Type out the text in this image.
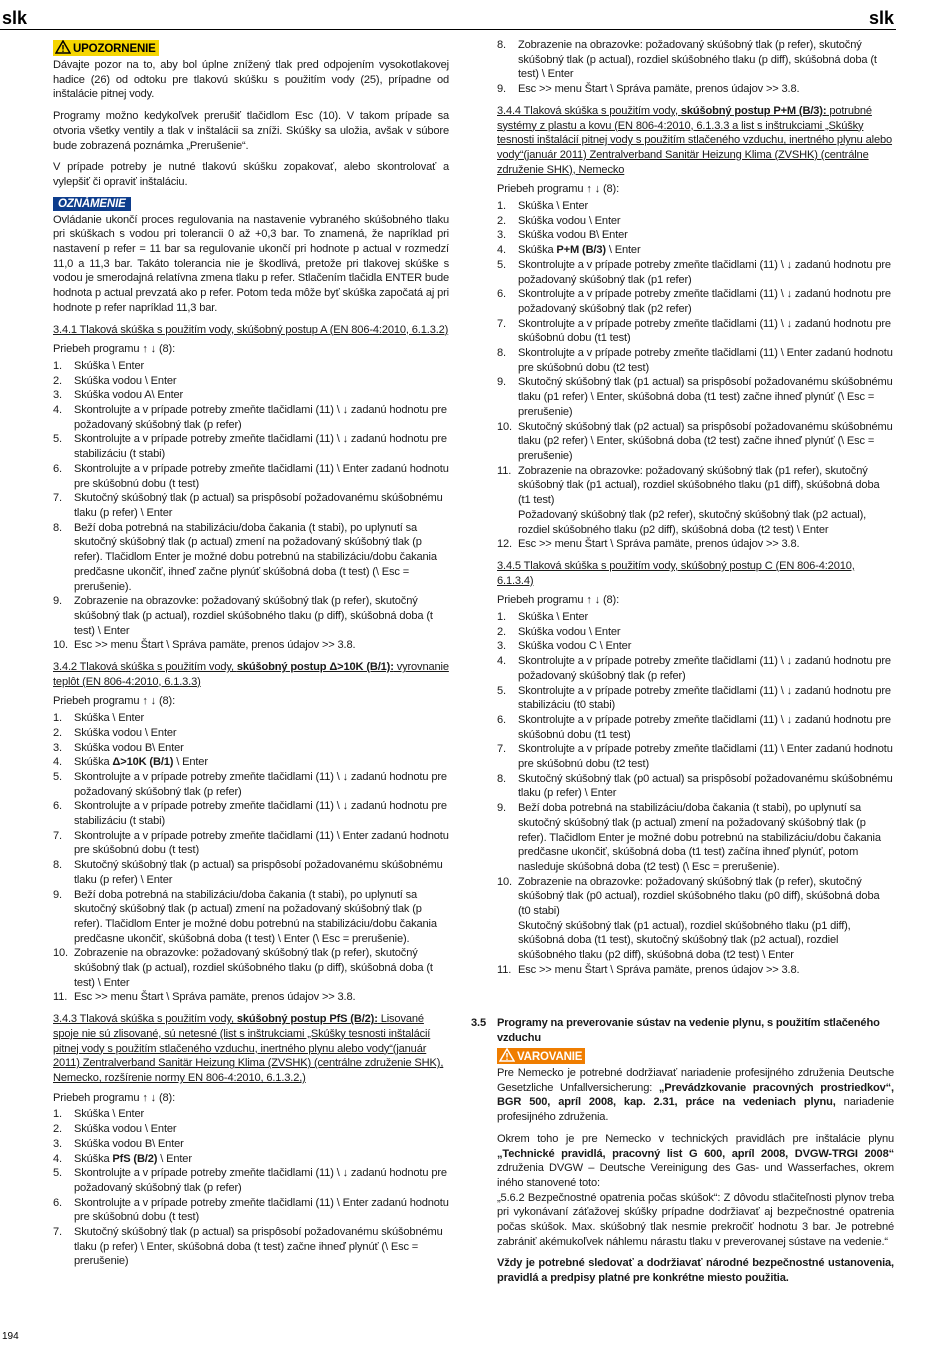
slk	slk
UPOZORNENIE

Dávajte pozor na to, aby bol úplne znížený tlak pred odpojením vysokotlakovej hadice (26) od odtoku pre tlakovú skúšku s použitím vody (25), prípadne od inštalácie pitnej vody.

Programy možno kedykoľvek prerušiť tlačidlom Esc (10). V takom prípade sa otvoria všetky ventily a tlak v inštalácii sa zníži. Skúšky sa uložia, avšak v súbore bude zobrazená poznámka „Prerušenie“.

V prípade potreby je nutné tlakovú skúšku zopakovať, alebo skontrolovať a vylepšiť či opraviť inštaláciu.

OZNÁMENIE

Ovládanie ukončí proces regulovania na nastavenie vybraného skúšobného tlaku pri skúškach s vodou pri tolerancii 0 až +0,3 bar. To znamená, že napríklad pri nastavení p refer = 11 bar sa regulovanie ukončí pri hodnote p actual v rozmedzí 11,0 a 11,3 bar. Takáto tolerancia nie je škodlivá, pretože pri tlakovej skúške s vodou je smerodajná relatívna zmena tlaku p refer. Stlačením tlačidla ENTER bude hodnota p actual prevzatá ako p refer. Potom teda môže byť skúška započatá aj pri hodnote p refer napríklad 11,3 bar.

3.4.1 Tlaková skúška s použitím vody, skúšobný postup A (EN 806-4:2010, 6.1.3.2)

Priebeh programu ↑ ↓ (8):

1. Skúška \ Enter
2. Skúška vodou \ Enter
3. Skúška vodou A\ Enter
4. Skontrolujte a v prípade potreby zmeňte tlačidlami (11) \ ↓ zadanú hodnotu pre požadovaný skúšobný tlak (p refer)
5. Skontrolujte a v prípade potreby zmeňte tlačidlami (11) \ ↓ zadanú hodnotu pre stabilizáciu (t stabi)
6. Skontrolujte a v prípade potreby zmeňte tlačidlami (11) \ Enter zadanú hodnotu pre skúšobnú dobu (t test)
7. Skutočný skúšobný tlak (p actual) sa prispôsobí požadovanému skúšobnému tlaku (p refer) \ Enter
8. Beží doba potrebná na stabilizáciu/doba čakania (t stabi), po uplynutí sa skutočný skúšobný tlak (p actual) zmení na požadovaný skúšobný tlak (p refer). Tlačidlom Enter je možné dobu potrebnú na stabilizáciu/dobu čakania predčasne ukončiť, ihneď začne plynúť skúšobná doba (t test) (\ Esc = prerušenie).
9. Zobrazenie na obrazovke: požadovaný skúšobný tlak (p refer), skutočný skúšobný tlak (p actual), rozdiel skúšobného tlaku (p diff), skúšobná doba (t test) \ Enter
10. Esc >> menu Štart \ Správa pamäte, prenos údajov >> 3.8.
3.4.2 Tlaková skúška s použitím vody, skúšobný postup Δ>10K (B/1): vyrovnanie teplôt (EN 806-4:2010, 6.1.3.3)

Priebeh programu ↑ ↓ (8):

1. Skúška \ Enter
2. Skúška vodou \ Enter
3. Skúška vodou B\ Enter
4. Skúška Δ>10K (B/1) \ Enter
5. Skontrolujte a v prípade potreby zmeňte tlačidlami (11) \ ↓ zadanú hodnotu pre požadovaný skúšobný tlak (p refer)
6. Skontrolujte a v prípade potreby zmeňte tlačidlami (11) \ ↓ zadanú hodnotu pre stabilizáciu (t stabi)
7. Skontrolujte a v prípade potreby zmeňte tlačidlami (11) \ Enter zadanú hodnotu pre skúšobnú dobu (t test)
8. Skutočný skúšobný tlak (p actual) sa prispôsobí požadovanému skúšobnému tlaku (p refer) \ Enter
9. Beží doba potrebná na stabilizáciu/doba čakania (t stabi), po uplynutí sa skutočný skúšobný tlak (p actual) zmení na požadovaný skúšobný tlak (p refer). Tlačidlom Enter je možné dobu potrebnú na stabilizáciu/dobu čakania predčasne ukončiť, skúšobná doba (t test) \ Enter (\ Esc = prerušenie).
10. Zobrazenie na obrazovke: požadovaný skúšobný tlak (p refer), skutočný skúšobný tlak (p actual), rozdiel skúšobného tlaku (p diff), skúšobná doba (t test) \ Enter
11. Esc >> menu Štart \ Správa pamäte, prenos údajov >> 3.8.
3.4.3 Tlaková skúška s použitím vody, skúšobný postup PfS (B/2): Lisované spoje nie sú zlisované, sú netesné (list s inštrukciami „Skúšky tesnosti inštalácií pitnej vody s použitím stlačeného vzduchu, inertného plynu alebo vody“(január 2011) Zentralverband Sanitär Heizung Klima (ZVSHK) (centrálne združenie SHK), Nemecko, rozšírenie normy EN 806-4:2010, 6.1.3.2,)

Priebeh programu ↑ ↓ (8):

1. Skúška \ Enter
2. Skúška vodou \ Enter
3. Skúška vodou B\ Enter
4. Skúška PfS (B/2) \ Enter
5. Skontrolujte a v prípade potreby zmeňte tlačidlami (11) \ ↓ zadanú hodnotu pre požadovaný skúšobný tlak (p refer)
6. Skontrolujte a v prípade potreby zmeňte tlačidlami (11) \ Enter zadanú hodnotu pre skúšobnú dobu (t test)
7. Skutočný skúšobný tlak (p actual) sa prispôsobí požadovanému skúšobnému tlaku (p refer) \ Enter, skúšobná doba (t test) začne ihneď plynúť (\ Esc = prerušenie)
8. Zobrazenie na obrazovke: požadovaný skúšobný tlak (p refer), skutočný skúšobný tlak (p actual), rozdiel skúšobného tlaku (p diff), skúšobná doba (t test) \ Enter
9. Esc >> menu Štart \ Správa pamäte, prenos údajov >> 3.8.
3.4.4 Tlaková skúška s použitím vody, skúšobný postup P+M (B/3): potrubné systémy z plastu a kovu (EN 806-4:2010, 6.1.3.3 a list s inštrukciami „Skúšky tesnosti inštalácií pitnej vody s použitím stlačeného vzduchu, inertného plynu alebo vody“(január 2011) Zentralverband Sanitär Heizung Klima (ZVSHK) (centrálne združenie SHK), Nemecko

Priebeh programu ↑ ↓ (8):

1. Skúška \ Enter
2. Skúška vodou \ Enter
3. Skúška vodou B\ Enter
4. Skúška P+M (B/3) \ Enter
5. Skontrolujte a v prípade potreby zmeňte tlačidlami (11) \ ↓ zadanú hodnotu pre požadovaný skúšobný tlak (p1 refer)
6. Skontrolujte a v prípade potreby zmeňte tlačidlami (11) \ ↓ zadanú hodnotu pre požadovaný skúšobný tlak (p2 refer)
7. Skontrolujte a v prípade potreby zmeňte tlačidlami (11) \ ↓ zadanú hodnotu pre skúšobnú dobu (t1 test)
8. Skontrolujte a v prípade potreby zmeňte tlačidlami (11) \ Enter zadanú hodnotu pre skúšobnú dobu (t2 test)
9. Skutočný skúšobný tlak (p1 actual) sa prispôsobí požadovanému skúšobnému tlaku (p1 refer) \ Enter, skúšobná doba (t1 test) začne ihneď plynúť (\ Esc = prerušenie)
10. Skutočný skúšobný tlak (p2 actual) sa prispôsobí požadovanému skúšobnému tlaku (p2 refer) \ Enter, skúšobná doba (t2 test) začne ihneď plynúť (\ Esc = prerušenie)
11. Zobrazenie na obrazovke: požadovaný skúšobný tlak (p1 refer), skutočný skúšobný tlak (p1 actual), rozdiel skúšobného tlaku (p1 diff), skúšobná doba (t1 test)
Požadovaný skúšobný tlak (p2 refer), skutočný skúšobný tlak (p2 actual), rozdiel skúšobného tlaku (p2 diff), skúšobná doba (t2 test) \ Enter
12. Esc >> menu Štart \ Správa pamäte, prenos údajov >> 3.8.
3.4.5 Tlaková skúška s použitím vody, skúšobný postup C (EN 806-4:2010, 6.1.3.4)

Priebeh programu ↑ ↓ (8):

1. Skúška \ Enter
2. Skúška vodou \ Enter
3. Skúška vodou C \ Enter
4. Skontrolujte a v prípade potreby zmeňte tlačidlami (11) \ ↓ zadanú hodnotu pre požadovaný skúšobný tlak (p refer)
5. Skontrolujte a v prípade potreby zmeňte tlačidlami (11) \ ↓ zadanú hodnotu pre stabilizáciu (t0 stabi)
6. Skontrolujte a v prípade potreby zmeňte tlačidlami (11) \ ↓ zadanú hodnotu pre skúšobnú dobu (t1 test)
7. Skontrolujte a v prípade potreby zmeňte tlačidlami (11) \ Enter zadanú hodnotu pre skúšobnú dobu (t2 test)
8. Skutočný skúšobný tlak (p0 actual) sa prispôsobí požadovanému skúšobnému tlaku (p refer) \ Enter
9. Beží doba potrebná na stabilizáciu/doba čakania (t stabi), po uplynutí sa skutočný skúšobný tlak (p actual) zmení na požadovaný skúšobný tlak (p refer). Tlačidlom Enter je možné dobu potrebnú na stabilizáciu/dobu čakania predčasne ukončiť, skúšobná doba (t1 test) začína ihneď plynúť, potom nasleduje skúšobná doba (t2 test) (\ Esc = prerušenie).
10. Zobrazenie na obrazovke: požadovaný skúšobný tlak (p refer), skutočný skúšobný tlak (p0 actual), rozdiel skúšobného tlaku (p0 diff), skúšobná doba (t0 stabi)
Skutočný skúšobný tlak (p1 actual), rozdiel skúšobného tlaku (p1 diff), skúšobná doba (t1 test), skutočný skúšobný tlak (p2 actual), rozdiel skúšobného tlaku (p2 diff), skúšobná doba (t2 test) \ Enter
11. Esc >> menu Štart \ Správa pamäte, prenos údajov >> 3.8.
3.5 Programy na preverovanie sústav na vedenie plynu, s použitím stlačeného vzduchu
VAROVANIE

Pre Nemecko je potrebné dodržiavať nariadenie profesijného združenia Deutsche Gesetzliche Unfallversicherung: „Prevádzkovanie pracovných prostriedkov“, BGR 500, apríl 2008, kap. 2.31, práce na vedeniach plynu, nariadenie profesijného združenia.

Okrem toho je pre Nemecko v technických pravidlách pre inštalácie plynu „Technické pravidlá, pracovný list G 600, apríl 2008, DVGW-TRGI 2008“ združenia DVGW – Deutsche Vereinigung des Gas- und Wasserfaches, okrem iného stanovené toto:

„5.6.2 Bezpečnostné opatrenia počas skúšok“: Z dôvodu stlačiteľnosti plynov treba pri vykonávaní záťažovej skúšky prípadne dodržiavať aj bezpečnostné opatrenia počas skúšok. Max. skúšobný tlak nesmie prekročiť hodnotu 3 bar. Je potrebné zabrániť akémukoľvek náhlemu nárastu tlaku v preverovanej sústave na vedenie.“

Vždy je potrebné sledovať a dodržiavať národné bezpečnostné ustanovenia, pravidlá a predpisy platné pre konkrétne miesto použitia.

194
